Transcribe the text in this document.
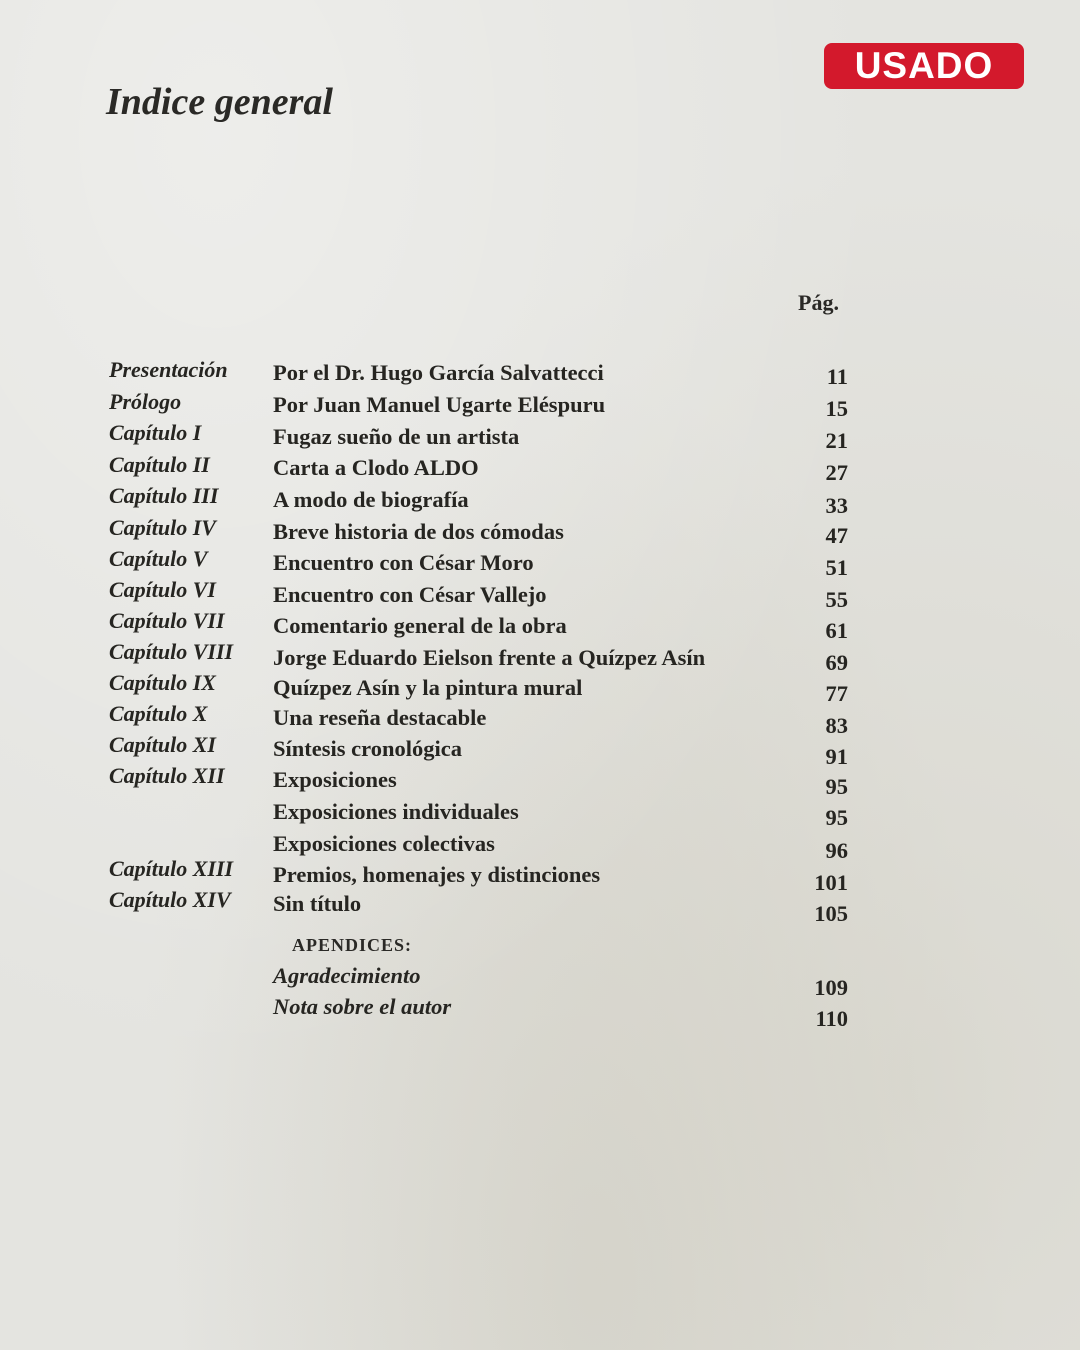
USADO
Indice general
Pág.
Presentación Por el Dr. Hugo García Salvattecci	11
Prólogo	Por Juan Manuel Ugarte Eléspuru	15
Capítulo I	Fugaz sueño de un artista	21
Capítulo II	Carta a Clodo ALDO	27
Capítulo III A modo de biografía	33
Capítulo IV	Breve historia de dos cómodas	47
Capítulo V	Encuentro con César Moro	51
Capítulo VI	Encuentro con César Vallejo	55
Capítulo VII Comentario general de la obra	61
Capítulo VIII Jorge Eduardo Eielson frente a Quízpez Asín	69
Capítulo IX	Quízpez Asín y la pintura mural	77
Capítulo X	Una reseña destacable	83
Capítulo XI	Síntesis cronológica	91
Capítulo XII Exposiciones	95
Exposiciones individuales	95
Exposiciones colectivas	96
Capítulo XIII Premios, homenajes y distinciones	101
Capítulo XIV Sin título	105
APENDICES:
Agradecimiento	109
Nota sobre el autor	110
